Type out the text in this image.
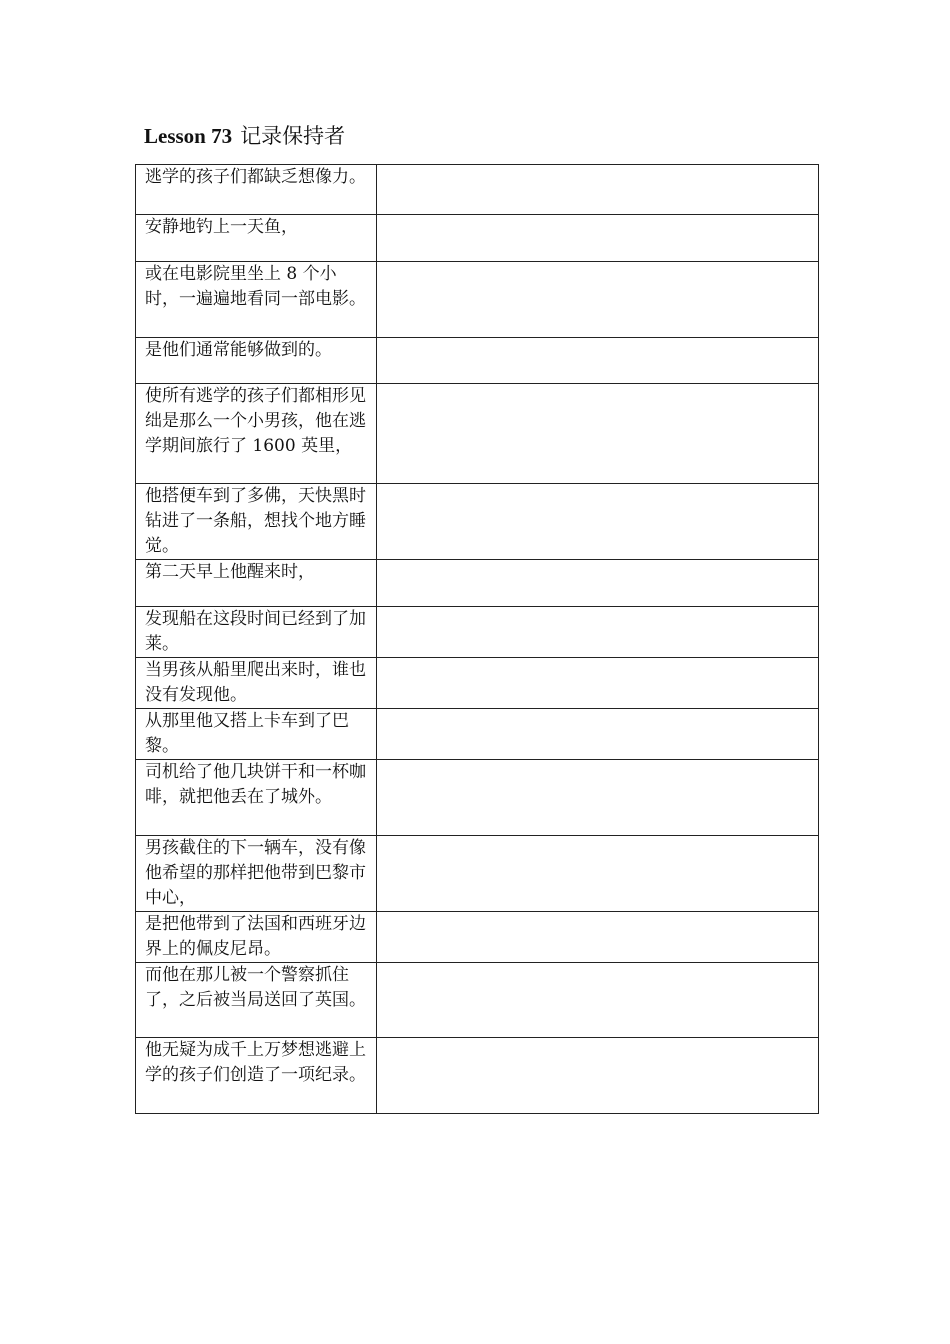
Lesson 73 记录保持者
逃学的孩子们都缺乏想像力。	
安静地钓上一天鱼，	
或在电影院里坐上 8 个小时，一遍遍地看同一部电影。	
是他们通常能够做到的。	
使所有逃学的孩子们都相形见绌是那么一个小男孩，他在逃学期间旅行了 1600 英里，	
他搭便车到了多佛，天快黑时钻进了一条船，想找个地方睡觉。	
第二天早上他醒来时，	
发现船在这段时间已经到了加莱。	
当男孩从船里爬出来时，谁也没有发现他。	
从那里他又搭上卡车到了巴黎。	
司机给了他几块饼干和一杯咖啡，就把他丢在了城外。	
男孩截住的下一辆车，没有像他希望的那样把他带到巴黎市中心，	
是把他带到了法国和西班牙边界上的佩皮尼昂。	
而他在那儿被一个警察抓住了，之后被当局送回了英国。	
他无疑为成千上万梦想逃避上学的孩子们创造了一项纪录。	
